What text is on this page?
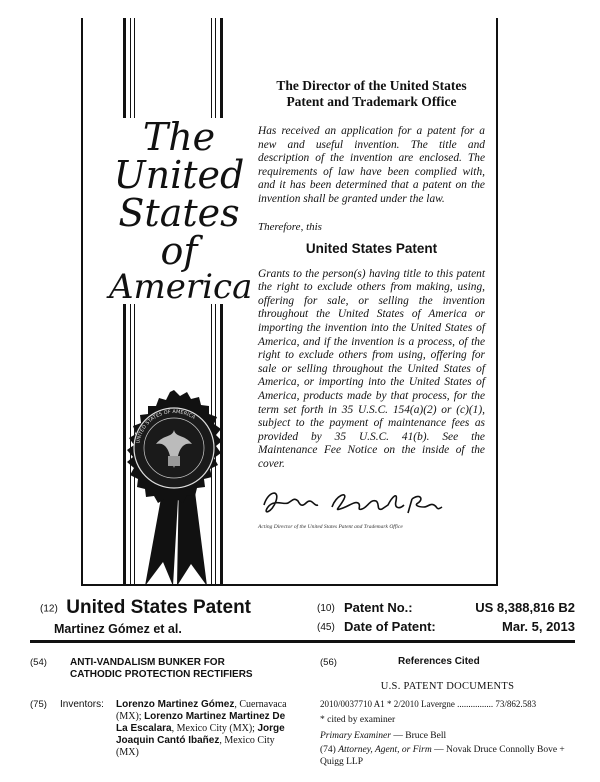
The
United
States
of
America
UNITED STATES OF AMERICA
The Director of the United States Patent and Trademark Office
Has received an application for a patent for a new and useful invention. The title and description of the invention are enclosed. The requirements of law have been complied with, and it has been determined that a patent on the invention shall be granted under the law.
Therefore, this
United States Patent
Grants to the person(s) having title to this patent the right to exclude others from making, using, offering for sale, or selling the invention throughout the United States of America or importing the invention into the United States of America, and if the invention is a process, of the right to exclude others from using, offering for sale or selling throughout the United States of America, or importing into the United States of America, products made by that process, for the term set forth in 35 U.S.C. 154(a)(2) or (c)(1), subject to the payment of maintenance fees as provided by 35 U.S.C. 41(b). See the Maintenance Fee Notice on the inside of the cover.
Acting Director of the United States Patent and Trademark Office
(12) United States Patent
Martinez Gómez et al.
(10) Patent No.:	US 8,388,816 B2
(45) Date of Patent:	Mar. 5, 2013
(54) ANTI-VANDALISM BUNKER FOR CATHODIC PROTECTION RECTIFIERS
(75) Inventors: Lorenzo Martinez Gómez, Cuernavaca (MX); Lorenzo Martinez Martinez De La Escalara, Mexico City (MX); Jorge Joaquin Cantó Ibañez, Mexico City (MX)
(56)	References Cited
U.S. PATENT DOCUMENTS
2010/0037710 A1 * 2/2010 Lavergne ................ 73/862.583
* cited by examiner
Primary Examiner — Bruce Bell
(74) Attorney, Agent, or Firm — Novak Druce Connolly Bove + Quigg LLP
